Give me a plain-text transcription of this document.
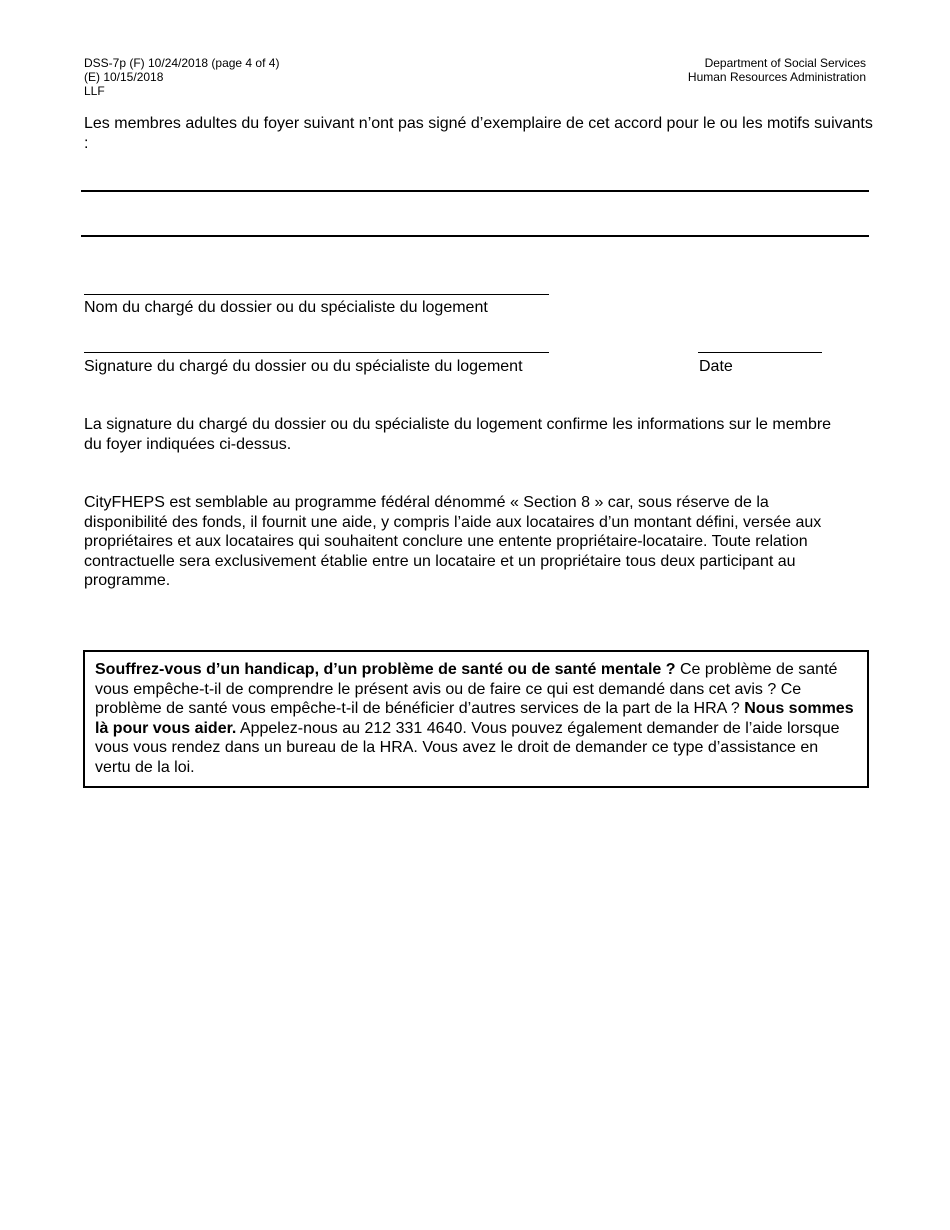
DSS-7p (F) 10/24/2018 (page 4 of 4)
(E) 10/15/2018
LLF
Department of Social Services
Human Resources Administration
Les membres adultes du foyer suivant n’ont pas signé d’exemplaire de cet accord pour le ou les motifs suivants :
Nom du chargé du dossier ou du spécialiste du logement
Signature du chargé du dossier ou du spécialiste du logement	Date
La signature du chargé du dossier ou du spécialiste du logement confirme les informations sur le membre du foyer indiquées ci-dessus.
CityFHEPS est semblable au programme fédéral dénommé « Section 8 » car, sous réserve de la disponibilité des fonds, il fournit une aide, y compris l’aide aux locataires d’un montant défini, versée aux propriétaires et aux locataires qui souhaitent conclure une entente propriétaire-locataire. Toute relation contractuelle sera exclusivement établie entre un locataire et un propriétaire tous deux participant au programme.
Souffrez-vous d’un handicap, d’un problème de santé ou de santé mentale ? Ce problème de santé vous empêche-t-il de comprendre le présent avis ou de faire ce qui est demandé dans cet avis ? Ce problème de santé vous empêche-t-il de bénéficier d’autres services de la part de la HRA ? Nous sommes là pour vous aider. Appelez-nous au 212 331 4640. Vous pouvez également demander de l’aide lorsque vous vous rendez dans un bureau de la HRA. Vous avez le droit de demander ce type d’assistance en vertu de la loi.
